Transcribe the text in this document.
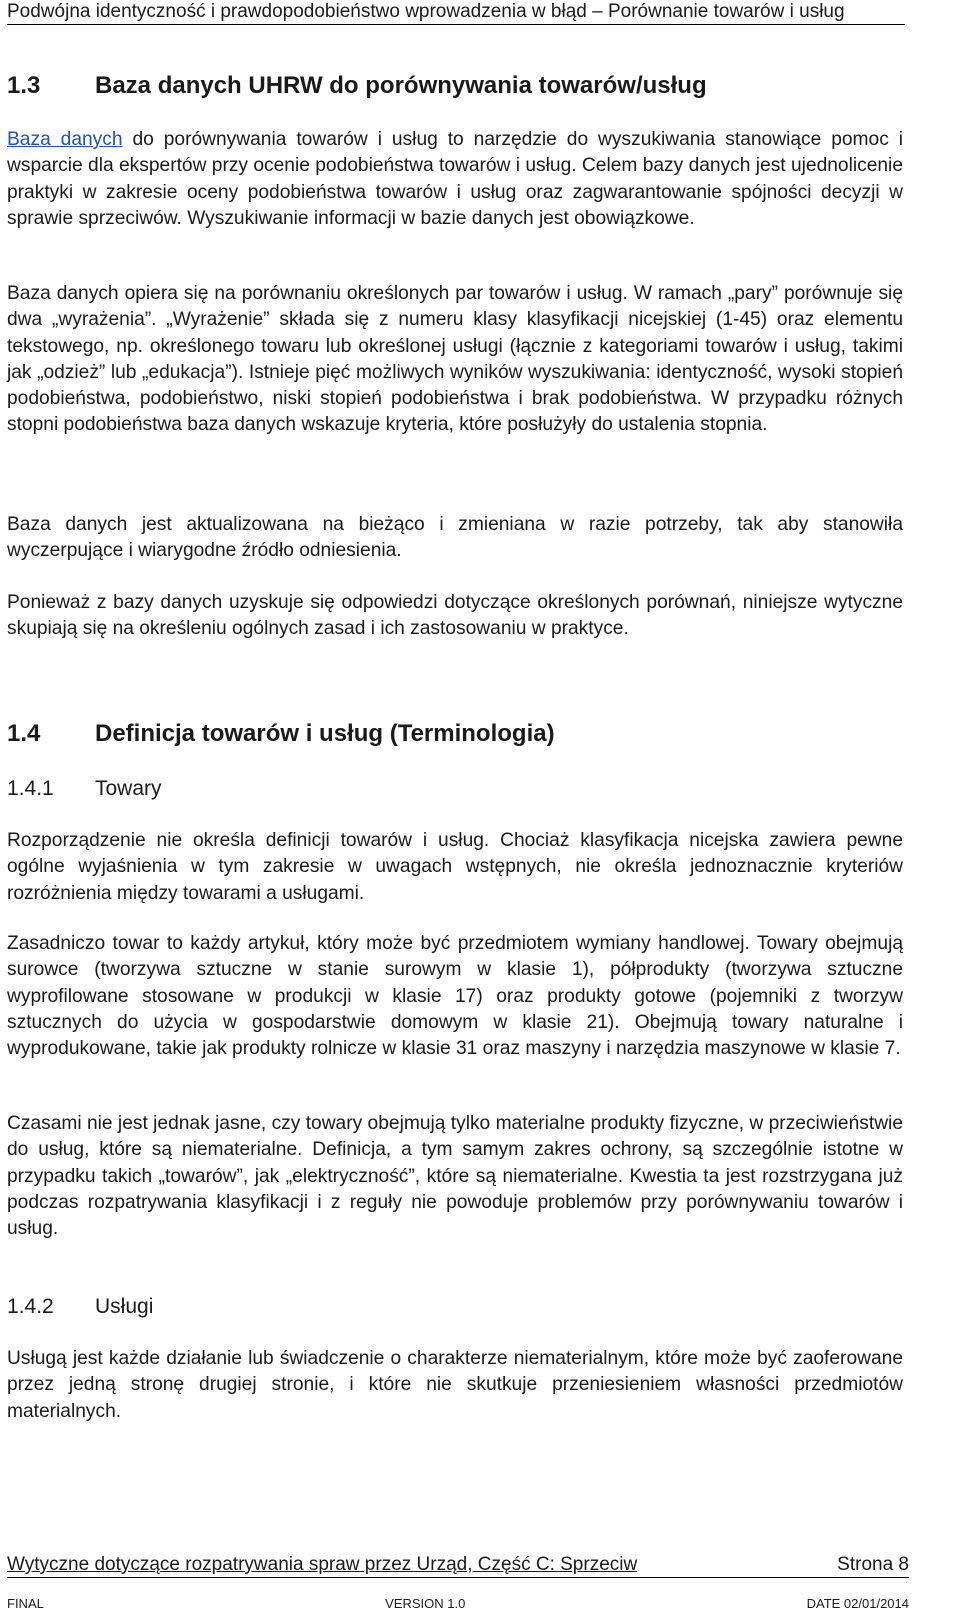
Podwójna identyczność i prawdopodobieństwo wprowadzenia w błąd – Porównanie towarów i usług
1.3 Baza danych UHRW do porównywania towarów/usług

Baza danych do porównywania towarów i usług to narzędzie do wyszukiwania stanowiące pomoc i wsparcie dla ekspertów przy ocenie podobieństwa towarów i usług. Celem bazy danych jest ujednolicenie praktyki w zakresie oceny podobieństwa towarów i usług oraz zagwarantowanie spójności decyzji w sprawie sprzeciwów. Wyszukiwanie informacji w bazie danych jest obowiązkowe.

Baza danych opiera się na porównaniu określonych par towarów i usług. W ramach „pary” porównuje się dwa „wyrażenia”. „Wyrażenie” składa się z numeru klasy klasyfikacji nicejskiej (1-45) oraz elementu tekstowego, np. określonego towaru lub określonej usługi (łącznie z kategoriami towarów i usług, takimi jak „odzież” lub „edukacja”). Istnieje pięć możliwych wyników wyszukiwania: identyczność, wysoki stopień podobieństwa, podobieństwo, niski stopień podobieństwa i brak podobieństwa. W przypadku różnych stopni podobieństwa baza danych wskazuje kryteria, które posłużyły do ustalenia stopnia.

Baza danych jest aktualizowana na bieżąco i zmieniana w razie potrzeby, tak aby stanowiła wyczerpujące i wiarygodne źródło odniesienia.

Ponieważ z bazy danych uzyskuje się odpowiedzi dotyczące określonych porównań, niniejsze wytyczne skupiają się na określeniu ogólnych zasad i ich zastosowaniu w praktyce.

1.4 Definicja towarów i usług (Terminologia)
1.4.1 Towary

Rozporządzenie nie określa definicji towarów i usług. Chociaż klasyfikacja nicejska zawiera pewne ogólne wyjaśnienia w tym zakresie w uwagach wstępnych, nie określa jednoznacznie kryteriów rozróżnienia między towarami a usługami.

Zasadniczo towar to każdy artykuł, który może być przedmiotem wymiany handlowej. Towary obejmują surowce (tworzywa sztuczne w stanie surowym w klasie 1), półprodukty (tworzywa sztuczne wyprofilowane stosowane w produkcji w klasie 17) oraz produkty gotowe (pojemniki z tworzyw sztucznych do użycia w gospodarstwie domowym w klasie 21). Obejmują towary naturalne i wyprodukowane, takie jak produkty rolnicze w klasie 31 oraz maszyny i narzędzia maszynowe w klasie 7.

Czasami nie jest jednak jasne, czy towary obejmują tylko materialne produkty fizyczne, w przeciwieństwie do usług, które są niematerialne. Definicja, a tym samym zakres ochrony, są szczególnie istotne w przypadku takich „towarów”, jak „elektryczność”, które są niematerialne. Kwestia ta jest rozstrzygana już podczas rozpatrywania klasyfikacji i z reguły nie powoduje problemów przy porównywaniu towarów i usług.

1.4.2 Usługi

Usługą jest każde działanie lub świadczenie o charakterze niematerialnym, które może być zaoferowane przez jedną stronę drugiej stronie, i które nie skutkuje przeniesieniem własności przedmiotów materialnych.

Wytyczne dotyczące rozpatrywania spraw przez Urząd, Część C: Sprzeciw	Strona 8
FINAL	VERSION 1.0	DATE 02/01/2014
